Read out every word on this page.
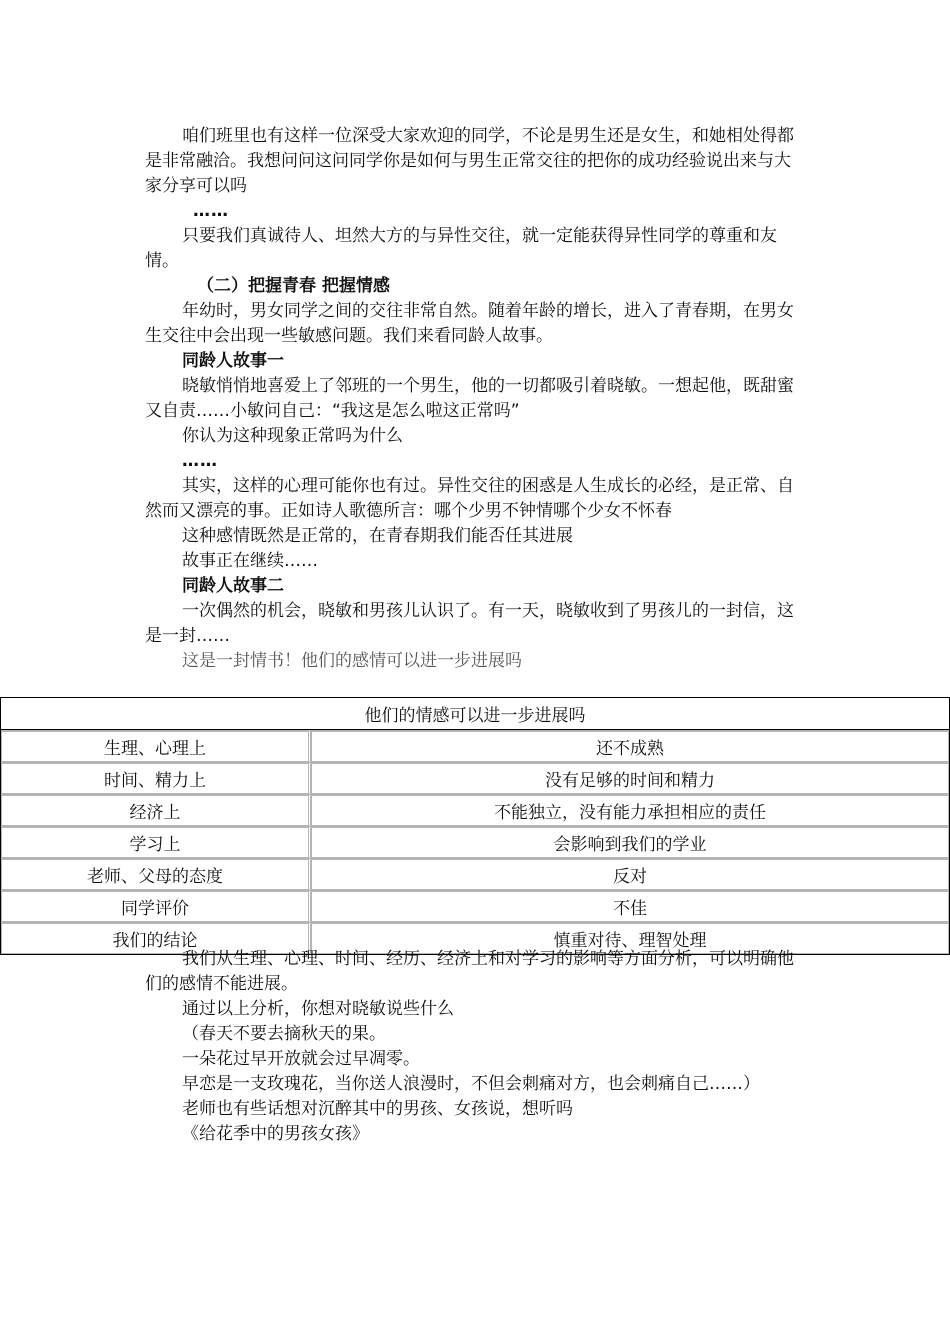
咱们班里也有这样一位深受大家欢迎的同学，不论是男生还是女生，和她相处得都是非常融洽。我想问问这问同学你是如何与男生正常交往的把你的成功经验说出来与大家分享可以吗

……

只要我们真诚待人、坦然大方的与异性交往，就一定能获得异性同学的尊重和友情。

（二）把握青春 把握情感

年幼时，男女同学之间的交往非常自然。随着年龄的增长，进入了青春期，在男女生交往中会出现一些敏感问题。我们来看同龄人故事。

同龄人故事一

晓敏悄悄地喜爱上了邻班的一个男生，他的一切都吸引着晓敏。一想起他，既甜蜜又自责……小敏问自己：“我这是怎么啦这正常吗”

你认为这种现象正常吗为什么

……

其实，这样的心理可能你也有过。异性交往的困惑是人生成长的必经，是正常、自然而又漂亮的事。正如诗人歌德所言：哪个少男不钟情哪个少女不怀春

这种感情既然是正常的，在青春期我们能否任其进展

故事正在继续……

同龄人故事二

一次偶然的机会，晓敏和男孩儿认识了。有一天，晓敏收到了男孩儿的一封信，这是一封……

这是一封情书！他们的感情可以进一步进展吗

他们的情感可以进一步进展吗	
生理、心理上	还不成熟
时间、精力上	没有足够的时间和精力
经济上	不能独立，没有能力承担相应的责任
学习上	会影响到我们的学业
老师、父母的态度	反对
同学评价	不佳
我们的结论	慎重对待、理智处理

我们从生理、心理、时间、经历、经济上和对学习的影响等方面分析，可以明确他们的感情不能进展。

通过以上分析，你想对晓敏说些什么

（春天不要去摘秋天的果。

一朵花过早开放就会过早凋零。

早恋是一支玫瑰花，当你送人浪漫时，不但会刺痛对方，也会刺痛自己……）

老师也有些话想对沉醉其中的男孩、女孩说，想听吗

《给花季中的男孩女孩》
